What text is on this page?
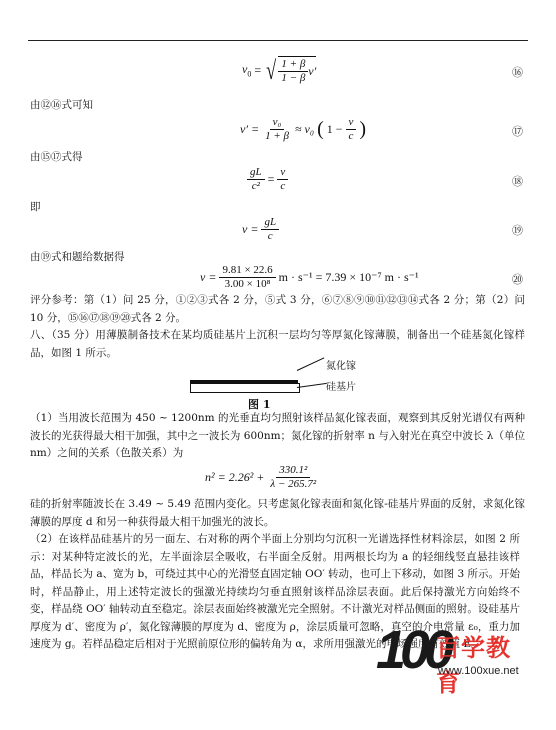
$v_0$ = √ $\frac{1 + \beta}{1 - \beta} v'$	⑯
由⑫⑯式可知
$v' = \frac{\text{v₀}}{1 + \beta} \approx v_0$ ( $1 - \frac{v}{c}$ )	⑰
由⑮⑰式得
$\frac{gL}{\text{c²}} = \frac{v}{c}$	⑱
即
$v = \frac{gL}{c}$	⑲
由⑲式和题给数据得
$v = \frac{9.81 \times 22.6}{\text{3.00 × 10⁸}}$ m · s⁻¹ = 7.39 × 10⁻⁷ m · s⁻¹	⑳

评分参考：第（1）问 25 分，①②③式各 2 分，⑤式 3 分，⑥⑦⑧⑨⑩⑪⑫⑬⑭式各 2 分；第（2）问 10 分，⑮⑯⑰⑱⑲⑳式各 2 分。

八、（35 分）用薄膜制备技术在某均质硅基片上沉积一层均匀等厚氮化镓薄膜，制备出一个硅基氮化镓样品，如图 1 所示。

氮化镓
硅基片
图 1

（1）当用波长范围为 450 ~ 1200nm 的光垂直均匀照射该样品氮化镓表面，观察到其反射光谱仅有两种波长的光获得最大相干加强，其中之一波长为 600nm；氮化镓的折射率 n 与入射光在真空中波长 λ（单位 nm）之间的关系（色散关系）为

$n^2 = 2.26^2 + \frac{\text{330.1²}}{\text{λ − 265.7²}}$

硅的折射率随波长在 3.49 ~ 5.49 范围内变化。只考虑氮化镓表面和氮化镓-硅基片界面的反射，求氮化镓薄膜的厚度 d 和另一种获得最大相干加强光的波长。

（2）在该样品硅基片的另一面左、右对称的两个半面上分别均匀沉积一光谱选择性材料涂层，如图 2 所示：对某种特定波长的光，左半面涂层全吸收，右半面全反射。用两根长均为 a 的轻细线竖直悬挂该样品，样品长为 a、宽为 b，可绕过其中心的光滑竖直固定轴 OO′ 转动，也可上下移动，如图 3 所示。开始时，样品静止，用上述特定波长的强激光持续均匀垂直照射该样品涂层表面。此后保持激光方向始终不变，样品绕 OO′ 轴转动直至稳定。涂层表面始终被激光完全照射。不计激光对样品侧面的照射。设硅基片厚度为 d′、密度为 ρ′，氮化镓薄膜的厚度为 d、密度为 ρ，涂层质量可忽略，真空的介电常量 ε₀，重力加速度为 g。若样品稳定后相对于光照前原位形的偏转角为 α，求所用强激光的电场强度有效值 E。

100
百学教育
www.100xue.net
